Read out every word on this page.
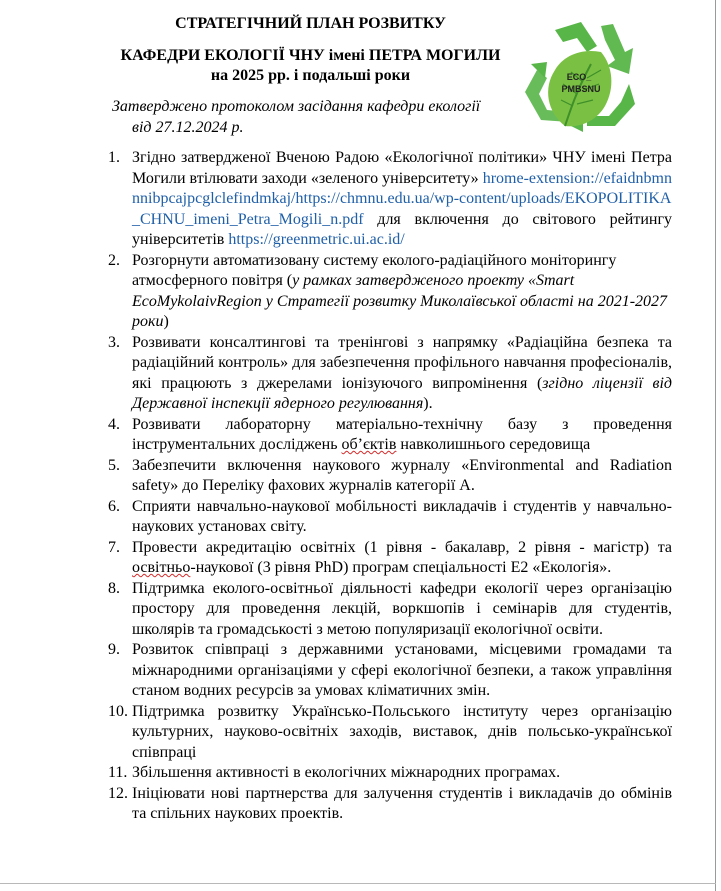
СТРАТЕГІЧНИЙ ПЛАН РОЗВИТКУ
КАФЕДРИ ЕКОЛОГІЇ ЧНУ імені ПЕТРА МОГИЛИ
на 2025 рр. і подальші роки
Затверджено протоколом засідання кафедри екології
від 27.12.2024 р.
ECO_
PMBSNU
1. Згідно затвердженої Вченою Радою «Екологічної політики» ЧНУ імені Петра Могили втілювати заходи «зеленого університету» hrome-extension://efaidnbmnnnibpcajpcglclefindmkaj/https://chmnu.edu.ua/wp-content/uploads/EKOPOLITIKA_CHNU_imeni_Petra_Mogili_n.pdf для включення до світового рейтингу університетів https://greenmetric.ui.ac.id/
2. Розгорнути автоматизовану систему еколого-радіаційного моніторингу атмосферного повітря (у рамках затвердженого проекту «Smart EcoMykolaivRegion у Стратегії розвитку Миколаївської області на 2021-2027 роки)
3. Розвивати консалтингові та тренінгові з напрямку «Радіаційна безпека та радіаційний контроль» для забезпечення профільного навчання професіоналів, які працюють з джерелами іонізуючого випромінення (згідно ліцензії від Державної інспекції ядерного регулювання).
4. Розвивати лабораторну матеріально-технічну базу з проведення інструментальних досліджень об’єктів навколишнього середовища
5. Забезпечити включення наукового журналу «Environmental and Radiation safety» до Переліку фахових журналів категорії А.
6. Сприяти навчально-наукової мобільності викладачів і студентів у навчально-наукових установах світу.
7. Провести акредитацію освітніх (1 рівня - бакалавр, 2 рівня - магістр) та освітньо-наукової (3 рівня PhD) програм спеціальності Е2 «Екологія».
8. Підтримка еколого-освітньої діяльності кафедри екології через організацію простору для проведення лекцій, воркшопів і семінарів для студентів, школярів та громадськості з метою популяризації екологічної освіти.
9. Розвиток співпраці з державними установами, місцевими громадами та міжнародними організаціями у сфері екологічної безпеки, а також управління станом водних ресурсів за умовах кліматичних змін.
10. Підтримка розвитку Українсько-Польського інституту через організацію культурних, науково-освітніх заходів, виставок, днів польсько-української співпраці
11. Збільшення активності в екологічних міжнародних програмах.
12. Ініціювати нові партнерства для залучення студентів і викладачів до обмінів та спільних наукових проектів.
